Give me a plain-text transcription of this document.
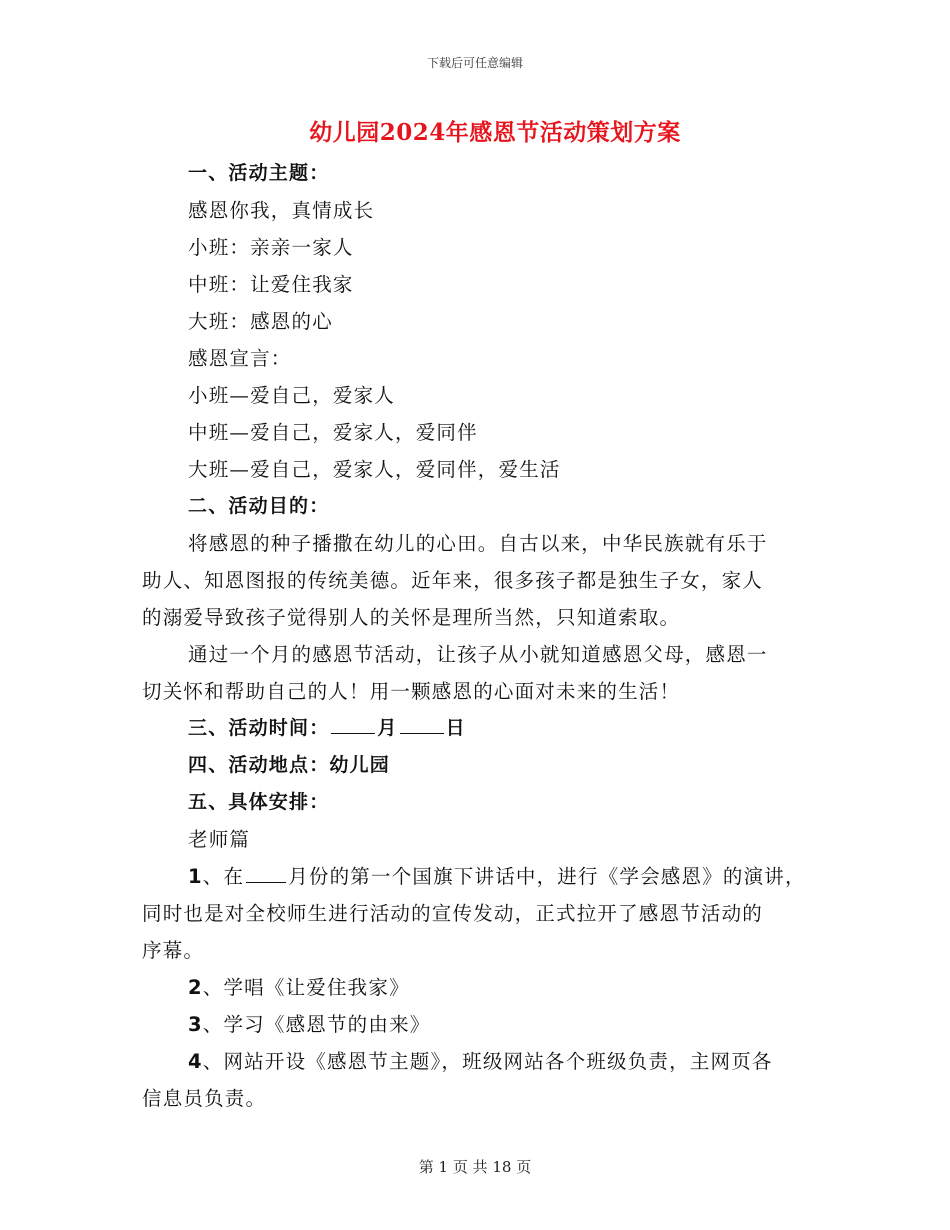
下载后可任意编辑
幼儿园2024年感恩节活动策划方案
一、活动主题：
感恩你我，真情成长
小班：亲亲一家人
中班：让爱住我家
大班：感恩的心
感恩宣言：
小班—爱自己，爱家人
中班—爱自己，爱家人，爱同伴
大班—爱自己，爱家人，爱同伴，爱生活
二、活动目的：
将感恩的种子播撒在幼儿的心田。自古以来，中华民族就有乐于
助人、知恩图报的传统美德。近年来，很多孩子都是独生子女，家人
的溺爱导致孩子觉得别人的关怀是理所当然，只知道索取。
通过一个月的感恩节活动，让孩子从小就知道感恩父母，感恩一
切关怀和帮助自己的人！用一颗感恩的心面对未来的生活！
三、活动时间：	月	日
四、活动地点：幼儿园
五、具体安排：
老师篇
1、在 月份的第一个国旗下讲话中，进行《学会感恩》的演讲，
同时也是对全校师生进行活动的宣传发动，正式拉开了感恩节活动的
序幕。
2、学唱《让爱住我家》
3、学习《感恩节的由来》
4、网站开设《感恩节主题》，班级网站各个班级负责，主网页各
信息员负责。
第 1 页 共 18 页
